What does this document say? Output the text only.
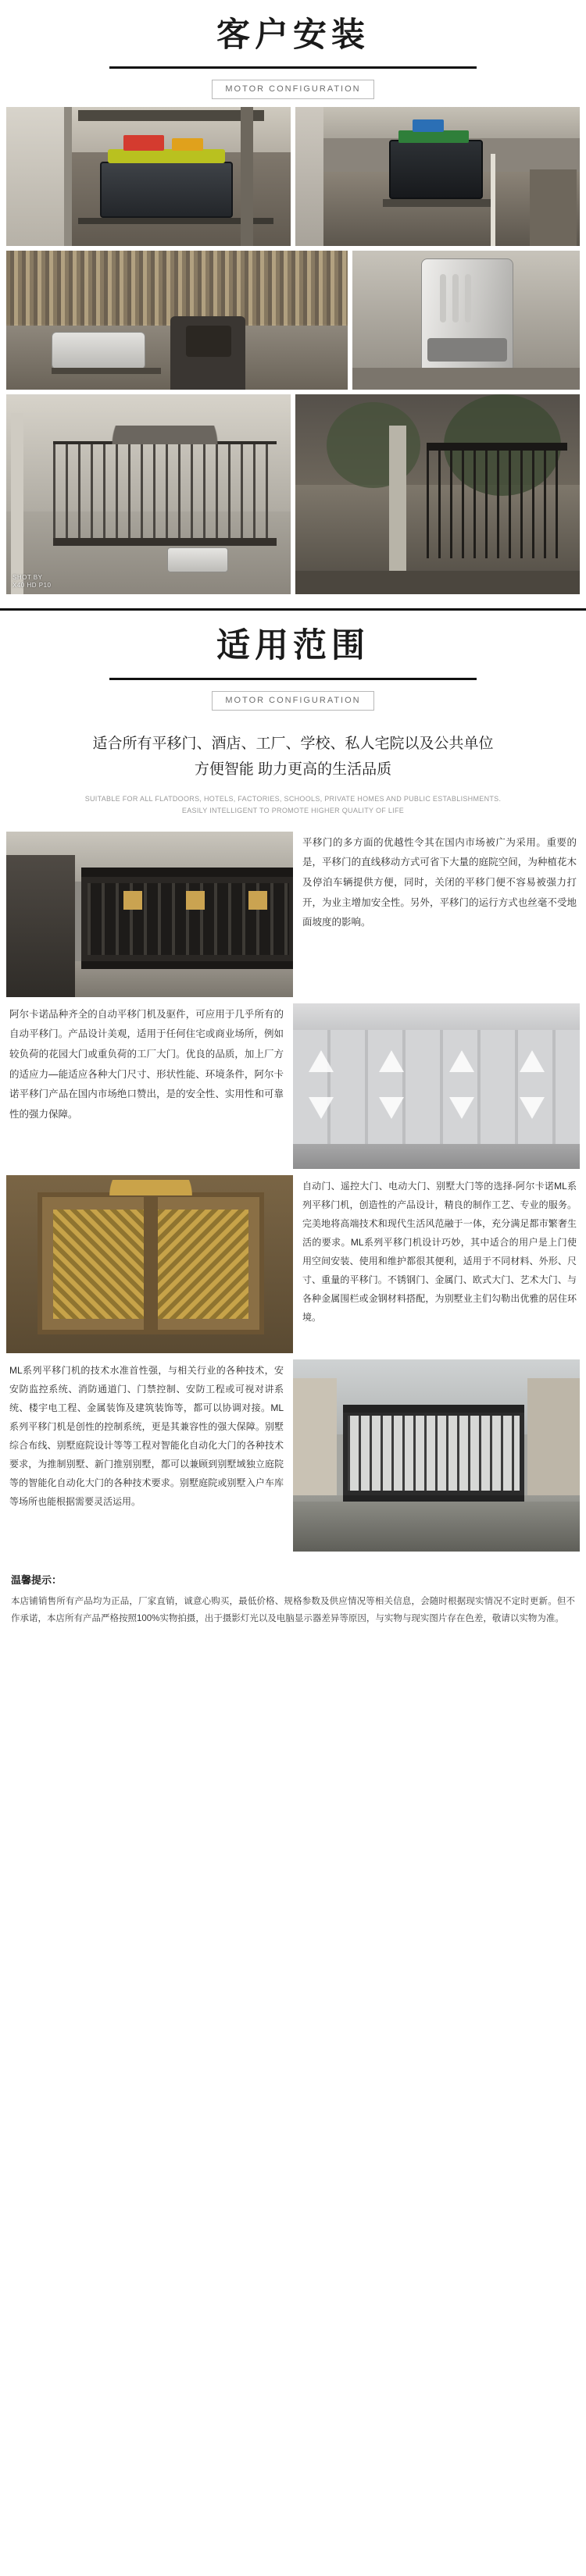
客户安装
MOTOR CONFIGURATION
SHOT BY
X40 HD P10
适用范围
MOTOR CONFIGURATION
适合所有平移门、酒店、工厂、学校、私人宅院以及公共单位
方便智能 助力更高的生活品质
SUITABLE FOR ALL FLATDOORS, HOTELS, FACTORIES, SCHOOLS, PRIVATE HOMES AND PUBLIC ESTABLISHMENTS.
EASILY INTELLIGENT TO PROMOTE HIGHER QUALITY OF LIFE
平移门的多方面的优越性令其在国内市场被广为采用。重要的是，平移门的直线移动方式可省下大量的庭院空间，为种植花木及停泊车辆提供方便，同时，关闭的平移门便不容易被强力打开，为业主增加安全性。另外，平移门的运行方式也丝毫不受地面坡度的影响。
阿尔卡诺品种齐全的自动平移门机及驱件，可应用于几乎所有的自动平移门。产品设计美观，适用于任何住宅或商业场所，例如较负荷的花园大门或重负荷的工厂大门。优良的品质，加上厂方的适应力—能适应各种大门尺寸、形状性能、环境条件，阿尔卡诺平移门产品在国内市场绝口赞出，是的安全性、实用性和可靠性的强力保障。
自动门、遥控大门、电动大门、别墅大门等的选择-阿尔卡诺ML系列平移门机，创造性的产品设计，精良的制作工艺、专业的服务。完美地将高端技术和现代生活风范融于一体，充分满足都市繁奢生活的要求。ML系列平移门机设计巧妙，其中适合的用户是上门使用空间安装、使用和维护都很其便利，适用于不同材料、外形、尺寸、重量的平移门。不锈钢门、金属门、欧式大门、艺术大门、与各种金属围栏或金钢材料搭配，为别墅业主们勾勒出优雅的居住环境。
ML系列平移门机的技术水准首性强，与相关行业的各种技术，安安防监控系统、消防通道门、门禁控制、安防工程或可视对讲系统、楼宇电工程、金属装饰及建筑装饰等，都可以协调对接。ML系列平移门机是创性的控制系统，更是其兼容性的强大保障。别墅综合布线、别墅庭院设计等等工程对智能化自动化大门的各种技术要求，为推制别墅、新门推别别墅，都可以兼顾到别墅域独立庭院等的智能化自动化大门的各种技术要求。别墅庭院或别墅入户车库等场所也能根据需要灵活运用。
温馨提示：
本店铺销售所有产品均为正品，厂家直销，诚意心购买，最低价格、规格参数及供应情况等相关信息，会随时根据现实情况不定时更新。但不作承诺，本店所有产品严格按照100%实物拍摄，出于摄影灯光以及电脑显示器差异等原因，与实物与现实图片存在色差，敬请以实物为准。
